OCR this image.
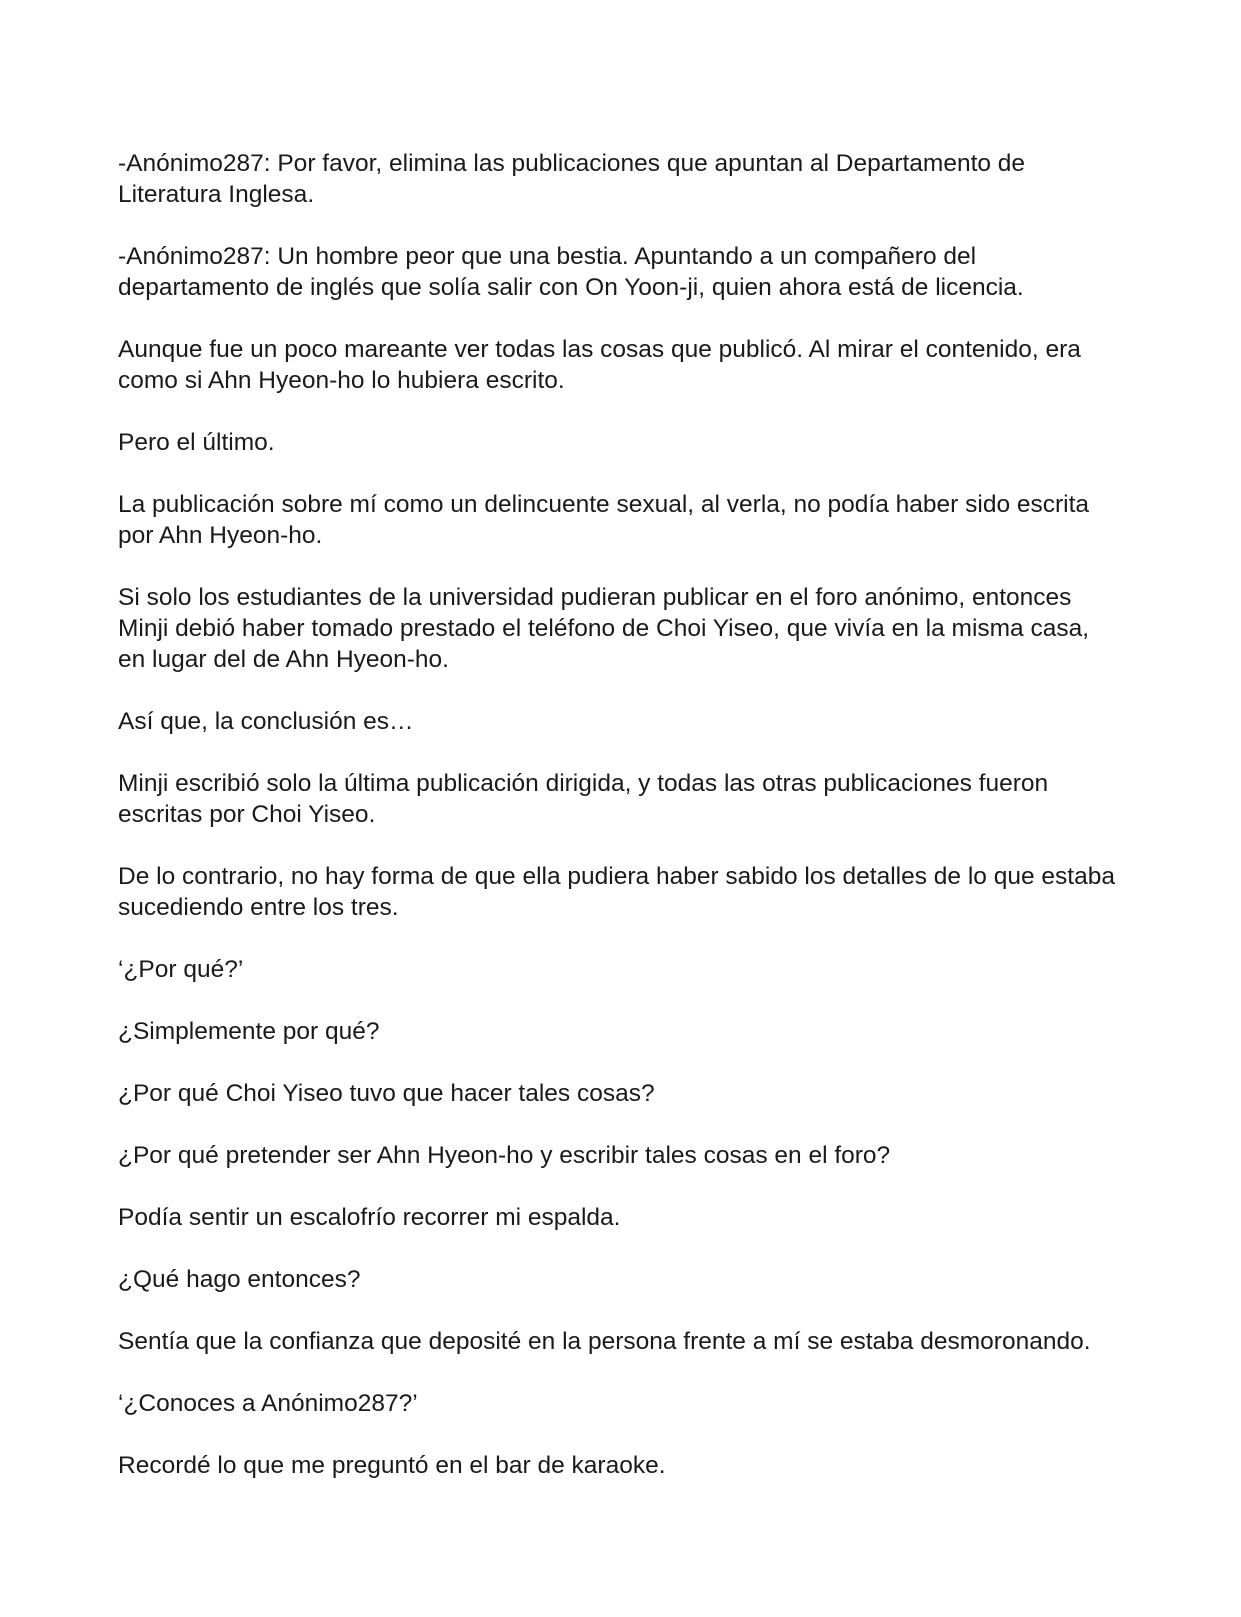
-Anónimo287: Por favor, elimina las publicaciones que apuntan al Departamento de Literatura Inglesa.

-Anónimo287: Un hombre peor que una bestia. Apuntando a un compañero del departamento de inglés que solía salir con On Yoon-ji, quien ahora está de licencia.

Aunque fue un poco mareante ver todas las cosas que publicó. Al mirar el contenido, era como si Ahn Hyeon-ho lo hubiera escrito.

Pero el último.

La publicación sobre mí como un delincuente sexual, al verla, no podía haber sido escrita por Ahn Hyeon-ho.

Si solo los estudiantes de la universidad pudieran publicar en el foro anónimo, entonces Minji debió haber tomado prestado el teléfono de Choi Yiseo, que vivía en la misma casa, en lugar del de Ahn Hyeon-ho.

Así que, la conclusión es…

Minji escribió solo la última publicación dirigida, y todas las otras publicaciones fueron escritas por Choi Yiseo.

De lo contrario, no hay forma de que ella pudiera haber sabido los detalles de lo que estaba sucediendo entre los tres.

‘¿Por qué?’

¿Simplemente por qué?

¿Por qué Choi Yiseo tuvo que hacer tales cosas?

¿Por qué pretender ser Ahn Hyeon-ho y escribir tales cosas en el foro?

Podía sentir un escalofrío recorrer mi espalda.

¿Qué hago entonces?

Sentía que la confianza que deposité en la persona frente a mí se estaba desmoronando.

‘¿Conoces a Anónimo287?’

Recordé lo que me preguntó en el bar de karaoke.
